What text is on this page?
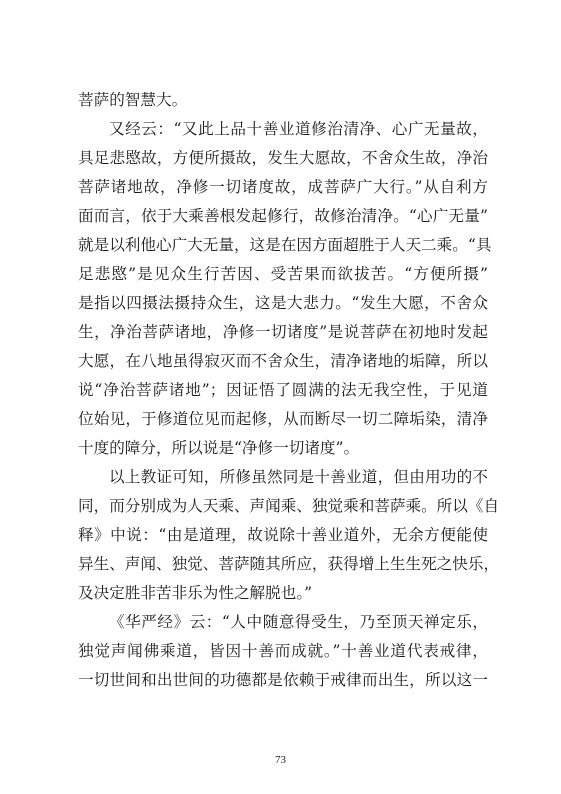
菩萨的智慧大。
又经云：“又此上品十善业道修治清净、心广无量故，
具足悲愍故，方便所摄故，发生大愿故，不舍众生故，净治
菩萨诸地故，净修一切诸度故，成菩萨广大行。”从自利方
面而言，依于大乘善根发起修行，故修治清净。“心广无量”
就是以利他心广大无量，这是在因方面超胜于人天二乘。“具
足悲愍”是见众生行苦因、受苦果而欲拔苦。“方便所摄”
是指以四摄法摄持众生，这是大悲力。“发生大愿，不舍众
生，净治菩萨诸地，净修一切诸度”是说菩萨在初地时发起
大愿，在八地虽得寂灭而不舍众生，清净诸地的垢障，所以
说“净治菩萨诸地”；因证悟了圆满的法无我空性，于见道
位始见，于修道位见而起修，从而断尽一切二障垢染，清净
十度的障分，所以说是“净修一切诸度”。
以上教证可知，所修虽然同是十善业道，但由用功的不
同，而分别成为人天乘、声闻乘、独觉乘和菩萨乘。所以《自
释》中说：“由是道理，故说除十善业道外，无余方便能使
异生、声闻、独觉、菩萨随其所应，获得增上生生死之快乐，
及决定胜非苦非乐为性之解脱也。”
《华严经》云：“人中随意得受生，乃至顶天禅定乐，
独觉声闻佛乘道，皆因十善而成就。”十善业道代表戒律，
一切世间和出世间的功德都是依赖于戒律而出生，所以这一
73
